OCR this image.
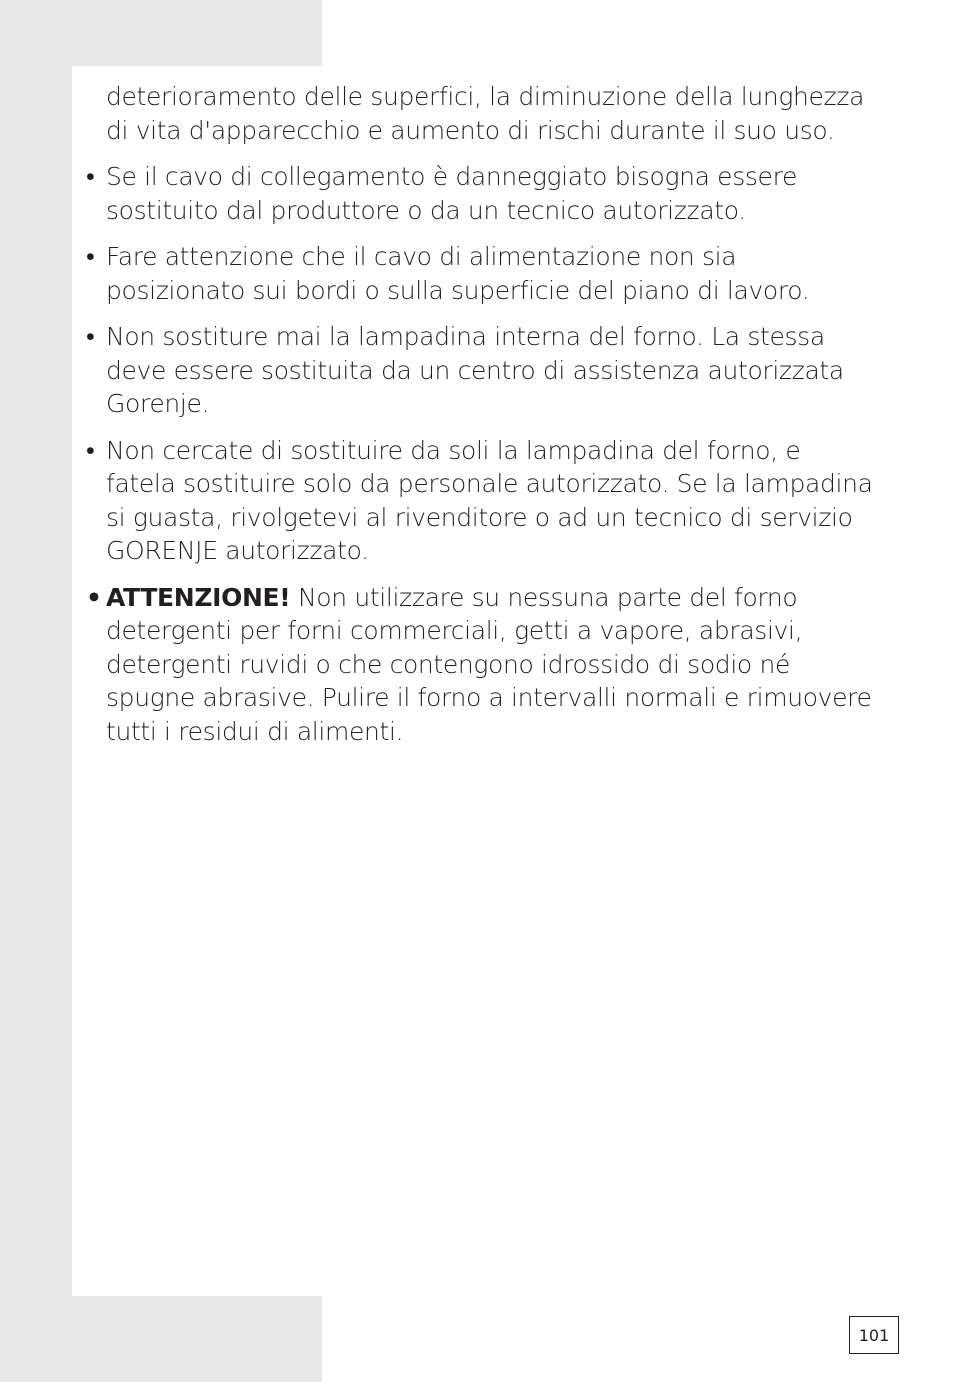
deterioramento delle superfici, la diminuzione della lunghezza di vita d'apparecchio e aumento di rischi durante il suo uso.

• Se il cavo di collegamento è danneggiato bisogna essere sostituito dal produttore o da un tecnico autorizzato.

• Fare attenzione che il cavo di alimentazione non sia posizionato sui bordi o sulla superficie del piano di lavoro.

• Non sostiture mai la lampadina interna del forno. La stessa deve essere sostituita da un centro di assistenza autorizzata Gorenje.

• Non cercate di sostituire da soli la lampadina del forno, e fatela sostituire solo da personale autorizzato. Se la lampadina si guasta, rivolgetevi al rivenditore o ad un tecnico di servizio GORENJE autorizzato.

• ATTENZIONE! Non utilizzare su nessuna parte del forno detergenti per forni commerciali, getti a vapore, abrasivi, detergenti ruvidi o che contengono idrossido di sodio né spugne abrasive. Pulire il forno a intervalli normali e rimuovere tutti i residui di alimenti.

101
